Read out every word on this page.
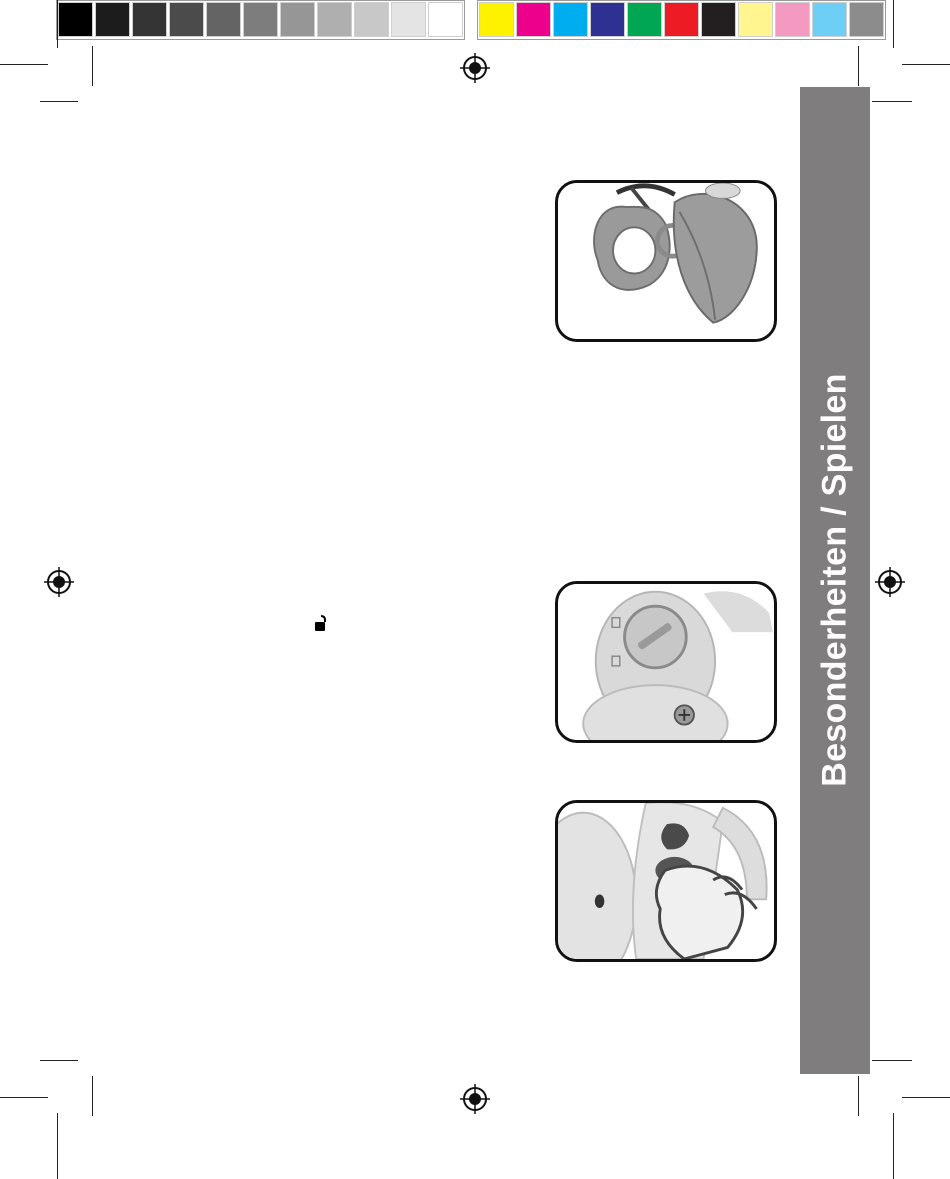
Besonderheiten / Spielen
